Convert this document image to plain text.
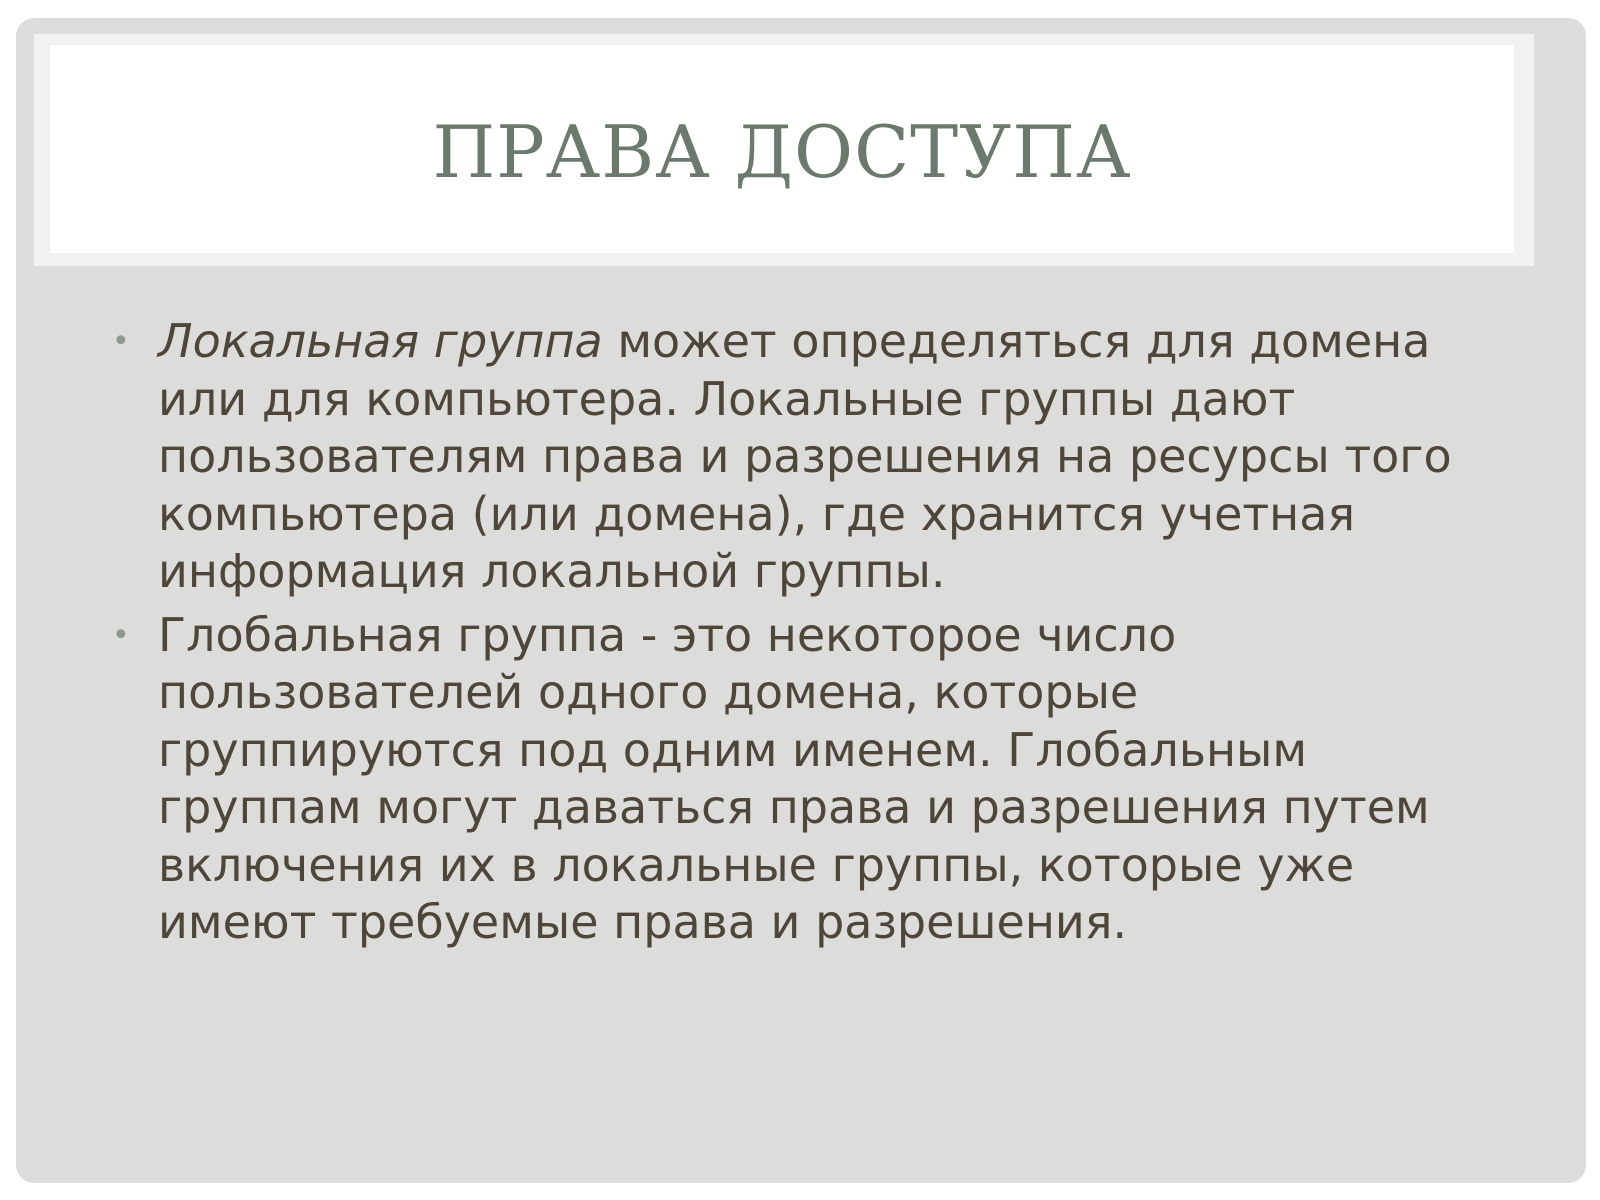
ПРАВА ДОСТУПА

• Локальная группа может определяться для домена или для компьютера. Локальные группы дают пользователям права и разрешения на ресурсы того компьютера (или домена), где хранится учетная информация локальной группы.

• Глобальная группа - это некоторое число пользователей одного домена, которые группируются под одним именем. Глобальным группам могут даваться права и разрешения путем включения их в локальные группы, которые уже имеют требуемые права и разрешения.
